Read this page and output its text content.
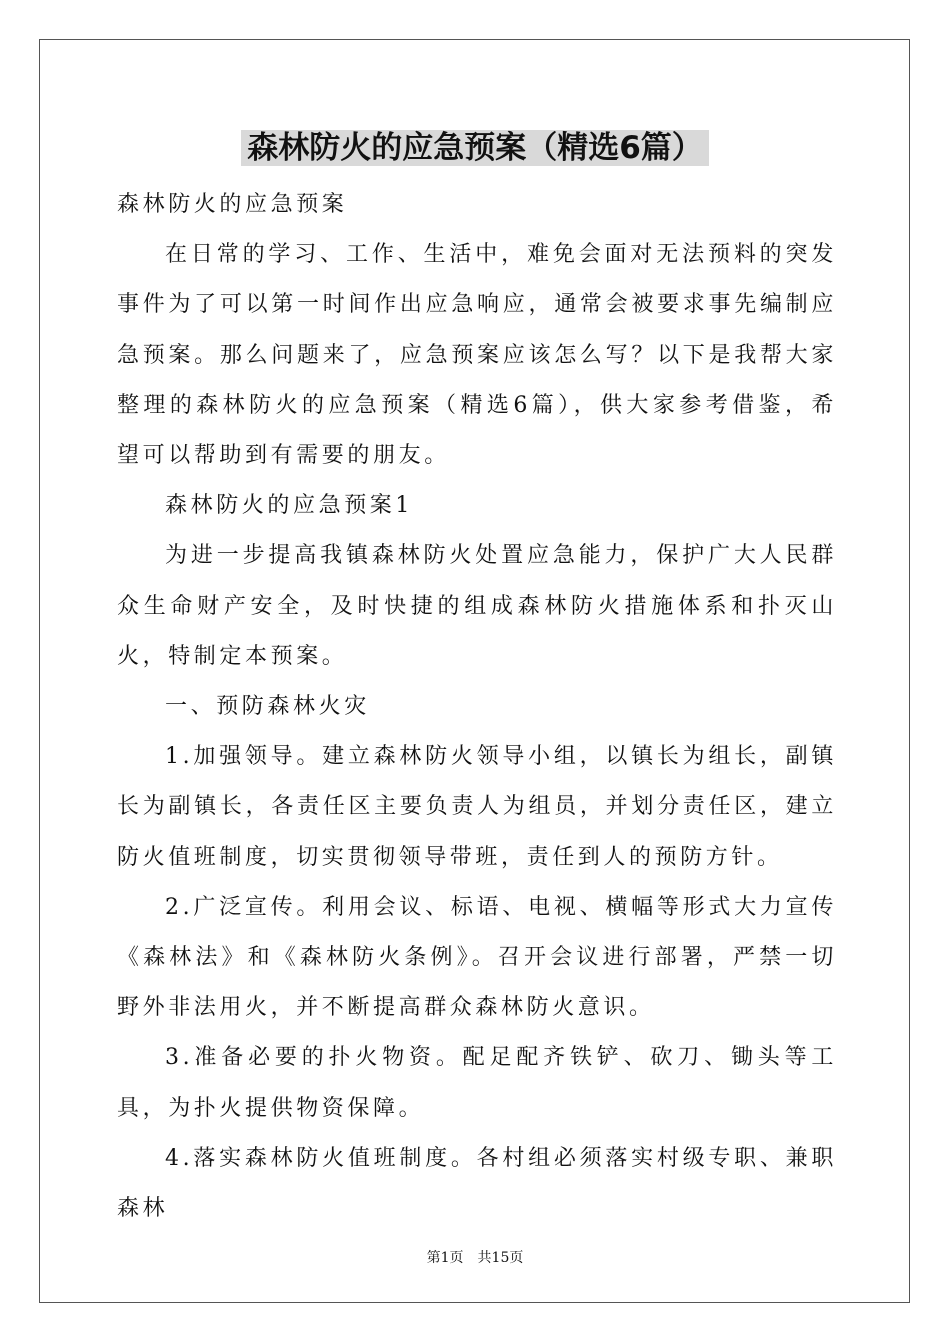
森林防火的应急预案（精选6篇）

森林防火的应急预案

在日常的学习、工作、生活中，难免会面对无法预料的突发事件为了可以第一时间作出应急响应，通常会被要求事先编制应急预案。那么问题来了，应急预案应该怎么写？以下是我帮大家整理的森林防火的应急预案（精选6篇），供大家参考借鉴，希望可以帮助到有需要的朋友。

森林防火的应急预案1

为进一步提高我镇森林防火处置应急能力，保护广大人民群众生命财产安全，及时快捷的组成森林防火措施体系和扑灭山火，特制定本预案。

一、预防森林火灾

1.加强领导。建立森林防火领导小组，以镇长为组长，副镇长为副镇长，各责任区主要负责人为组员，并划分责任区，建立防火值班制度，切实贯彻领导带班，责任到人的预防方针。

2.广泛宣传。利用会议、标语、电视、横幅等形式大力宣传《森林法》和《森林防火条例》。召开会议进行部署，严禁一切野外非法用火，并不断提高群众森林防火意识。

3.准备必要的扑火物资。配足配齐铁铲、砍刀、锄头等工具，为扑火提供物资保障。

4.落实森林防火值班制度。各村组必须落实村级专职、兼职森林

第1页 共15页
